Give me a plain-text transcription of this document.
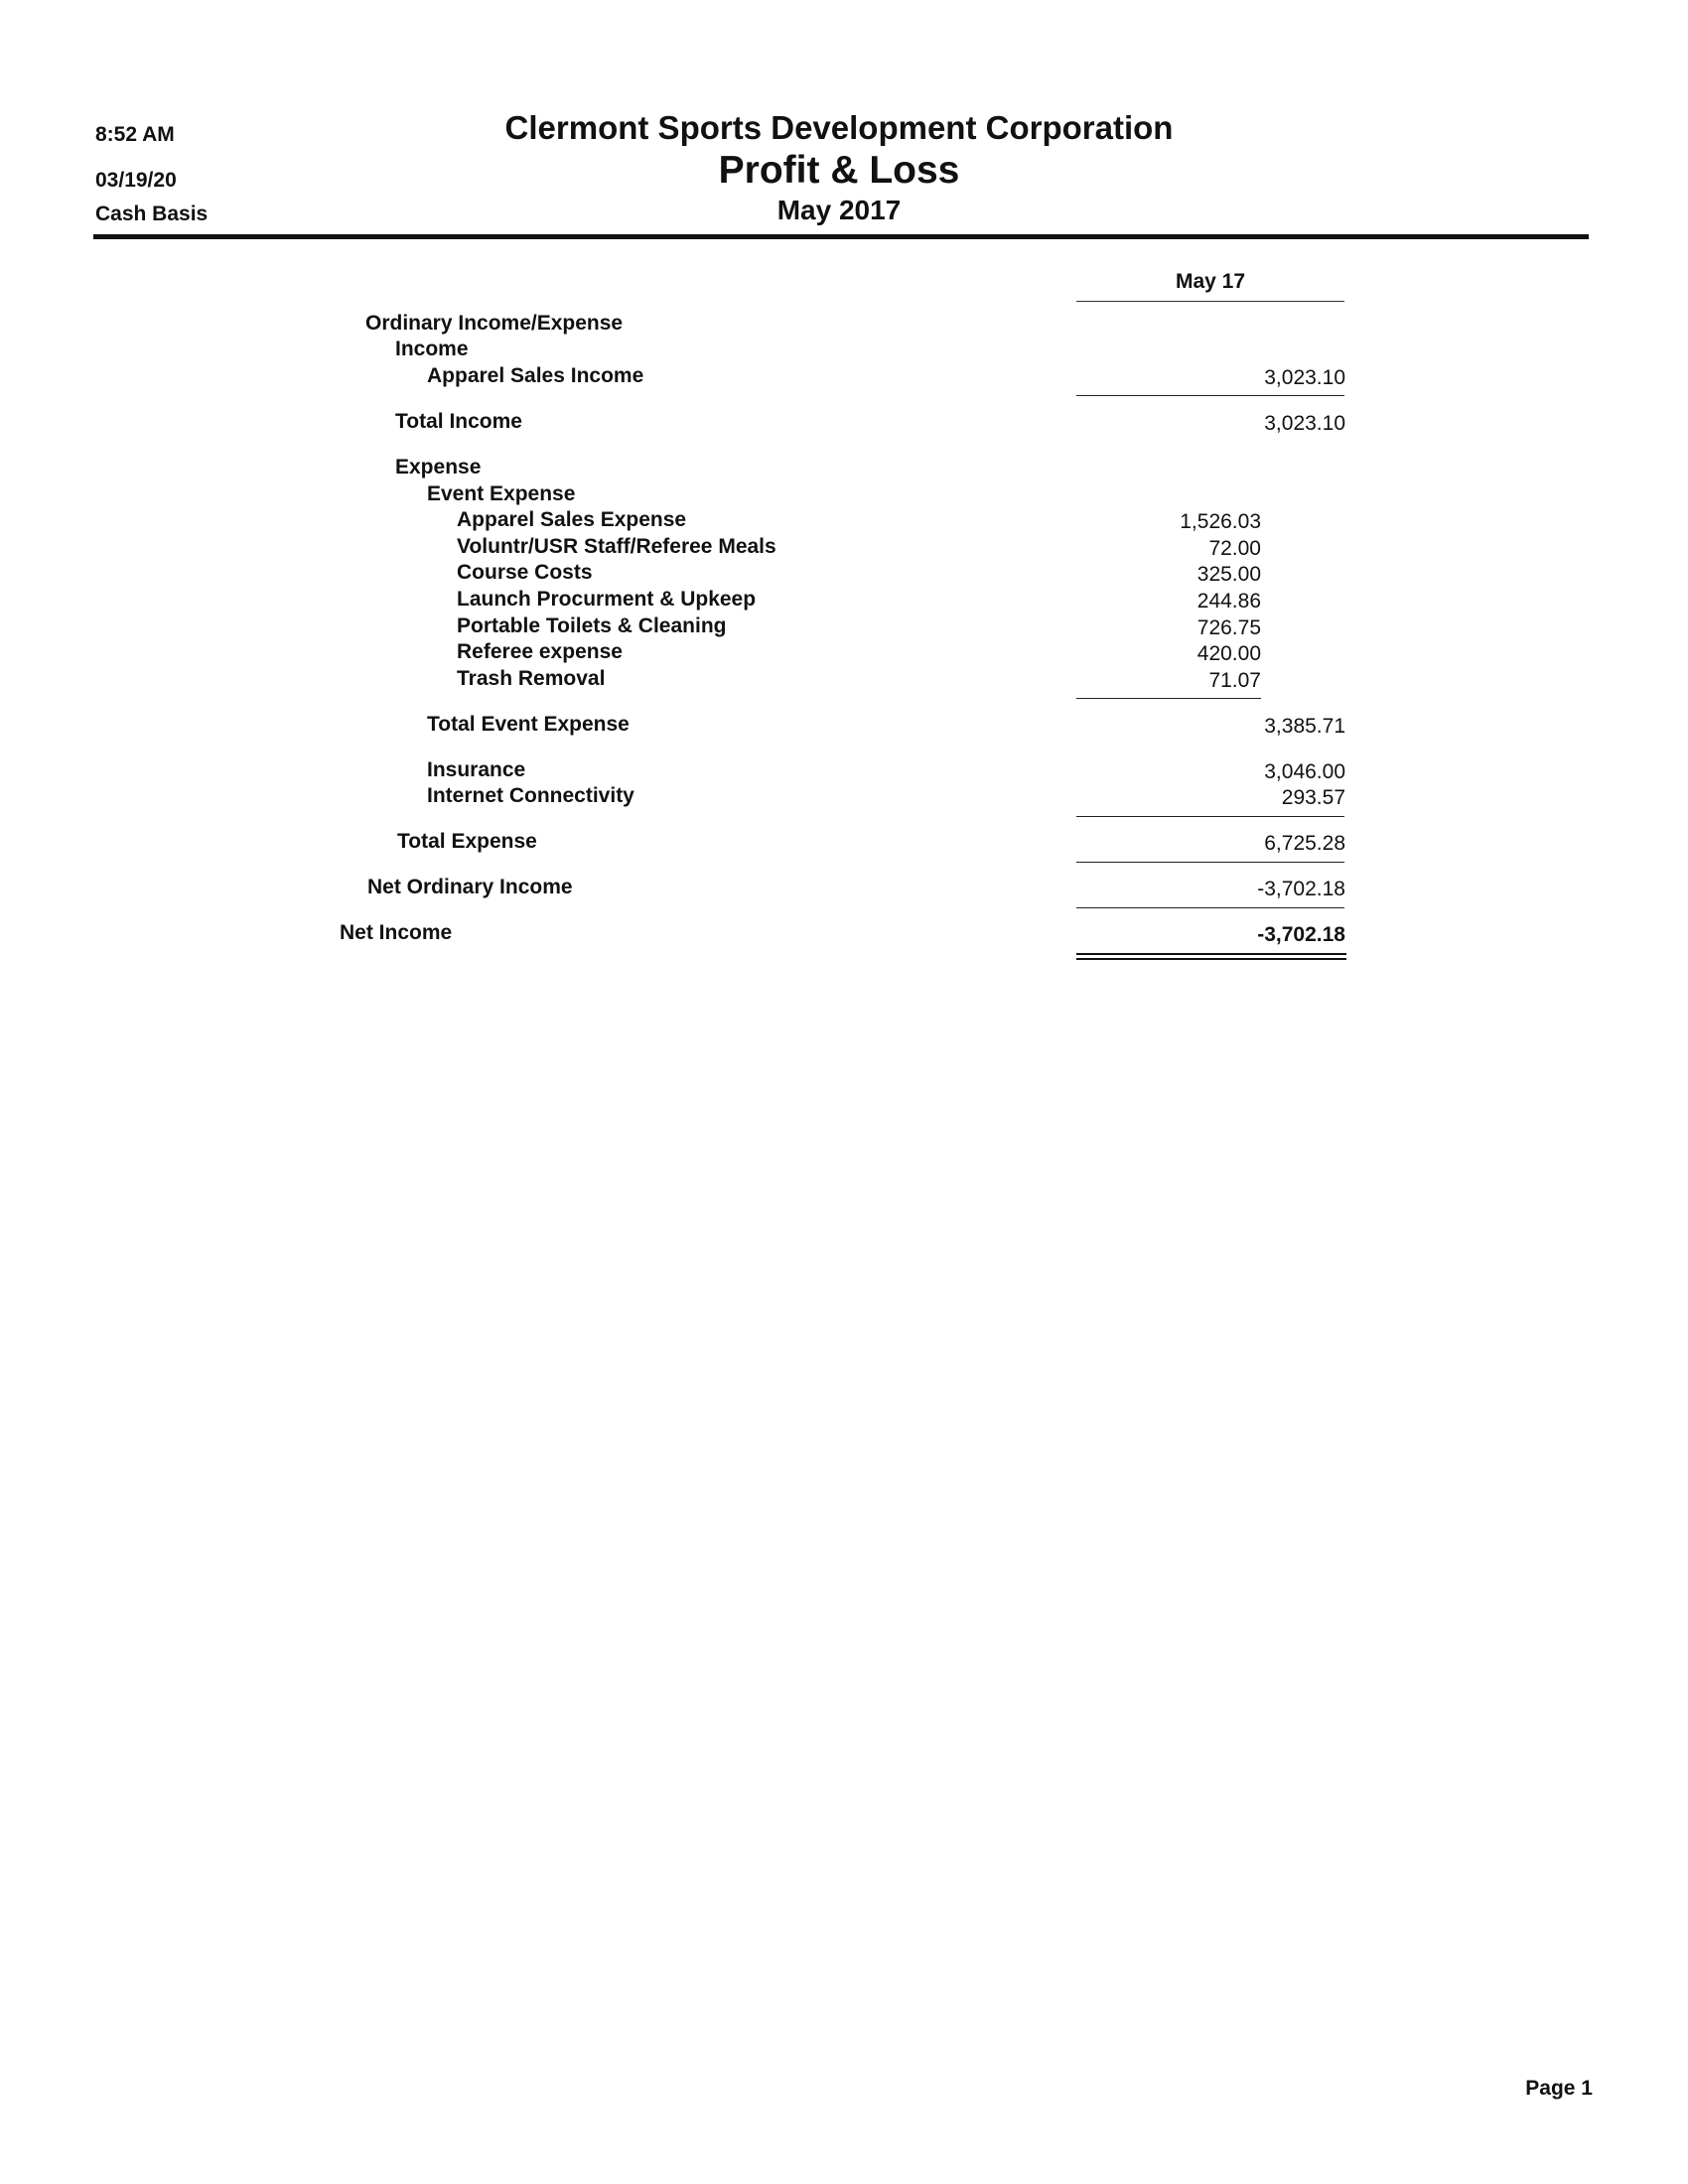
8:52 AM
03/19/20
Cash Basis
Clermont Sports Development Corporation
Profit & Loss
May 2017
May 17
Ordinary Income/Expense
Income
Apparel Sales Income	3,023.10
Total Income	3,023.10
Expense
Event Expense
Apparel Sales Expense	1,526.03
Voluntr/USR Staff/Referee Meals	72.00
Course Costs	325.00
Launch Procurment & Upkeep	244.86
Portable Toilets & Cleaning	726.75
Referee expense	420.00
Trash Removal	71.07
Total Event Expense	3,385.71
Insurance	3,046.00
Internet Connectivity	293.57
Total Expense	6,725.28
Net Ordinary Income	-3,702.18
Net Income	-3,702.18
Page 1
